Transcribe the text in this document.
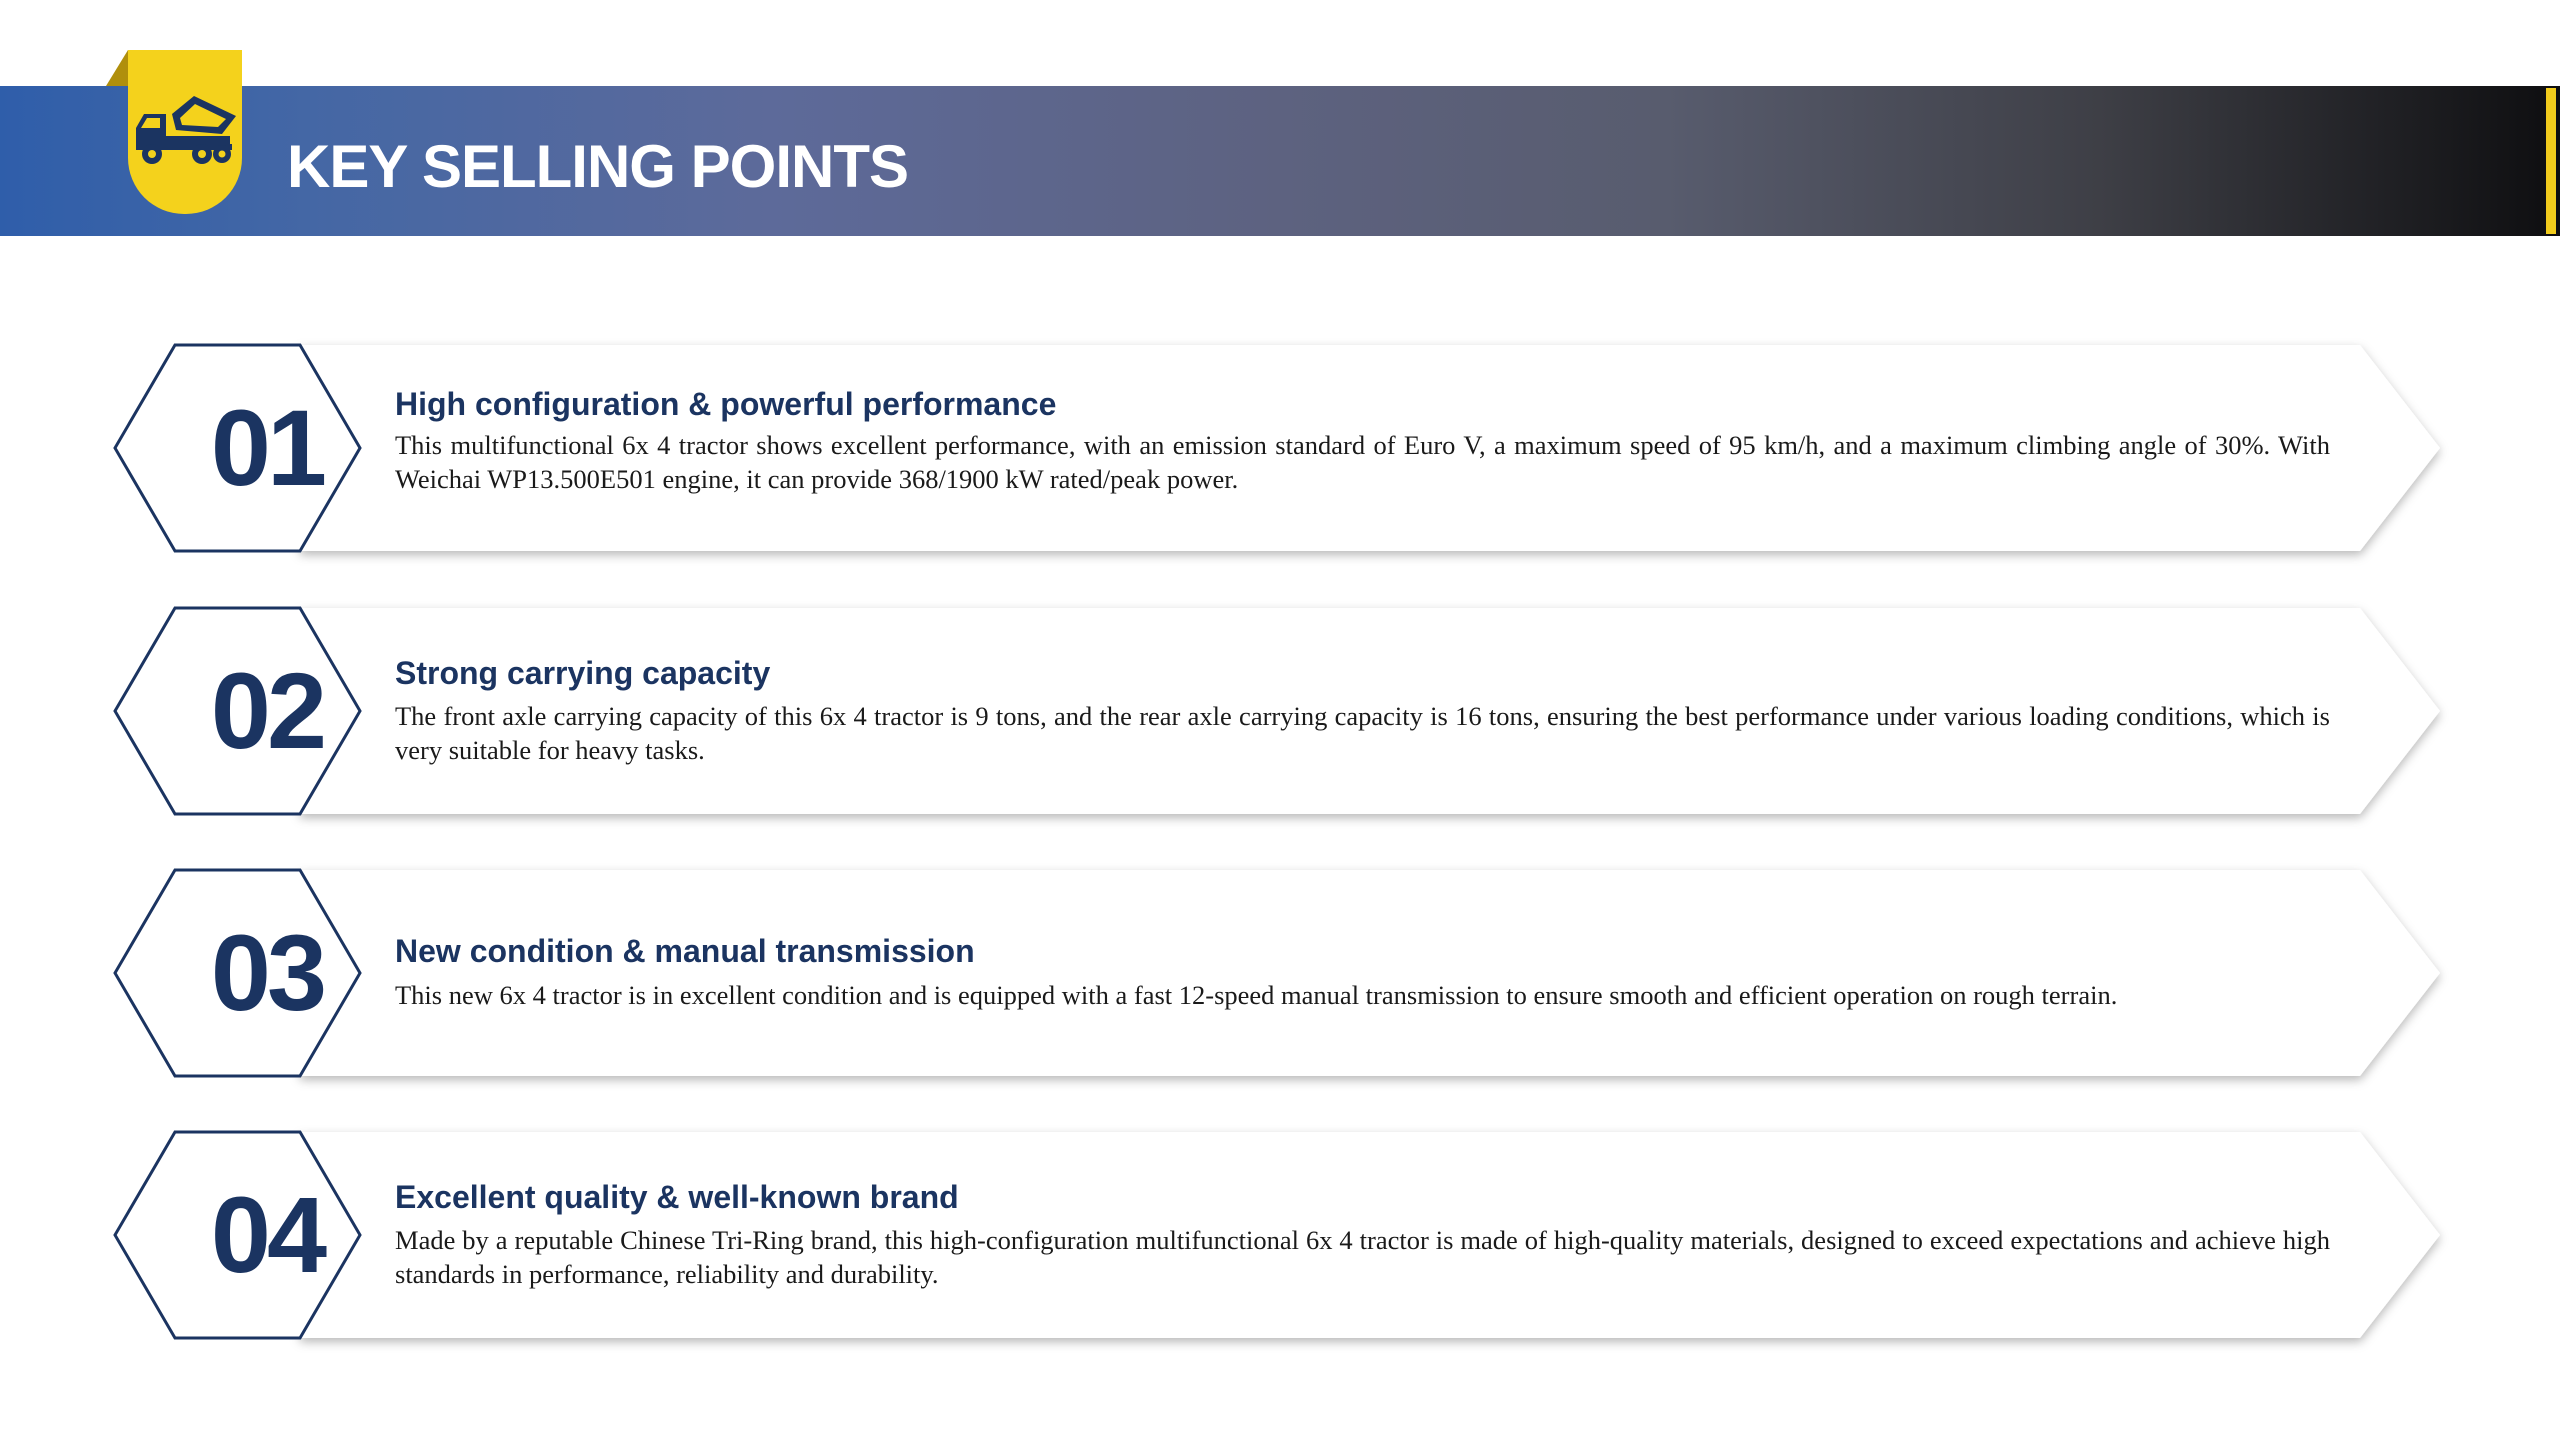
KEY SELLING POINTS

01	High configuration & powerful performance

This multifunctional 6x 4 tractor shows excellent performance, with an emission standard of Euro V, a maximum speed of 95 km/h, and a maximum climbing angle of 30%. With Weichai WP13.500E501 engine, it can provide 368/1900 kW rated/peak power.

02	Strong carrying capacity

The front axle carrying capacity of this 6x 4 tractor is 9 tons, and the rear axle carrying capacity is 16 tons, ensuring the best performance under various loading conditions, which is very suitable for heavy tasks.

03	New condition & manual transmission

This new 6x 4 tractor is in excellent condition and is equipped with a fast 12-speed manual transmission to ensure smooth and efficient operation on rough terrain.

04	Excellent quality & well-known brand

Made by a reputable Chinese Tri-Ring brand, this high-configuration multifunctional 6x 4 tractor is made of high-quality materials, designed to exceed expectations and achieve high standards in performance, reliability and durability.
